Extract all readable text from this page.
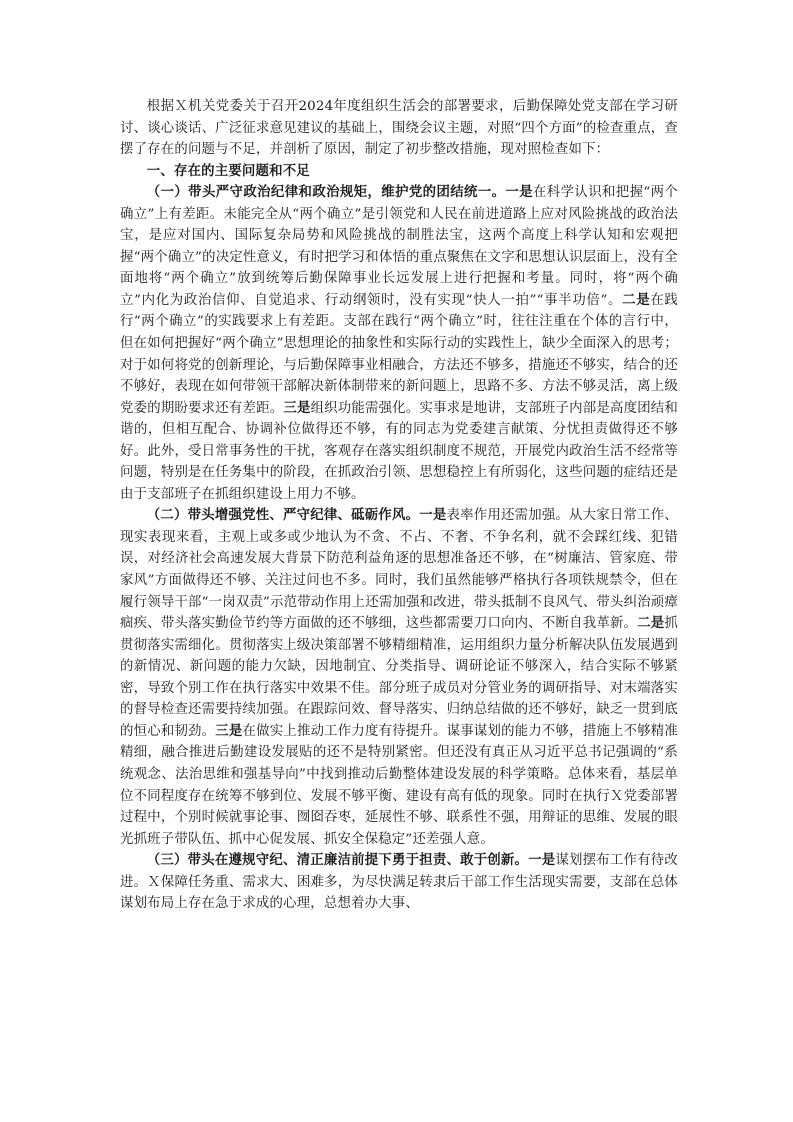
根据Ｘ机关党委关于召开2024年度组织生活会的部署要求，后勤保障处党支部在学习研讨、谈心谈话、广泛征求意见建议的基础上，围绕会议主题，对照“四个方面”的检查重点，查摆了存在的问题与不足，并剖析了原因，制定了初步整改措施，现对照检查如下：

一、存在的主要问题和不足

（一）带头严守政治纪律和政治规矩，维护党的团结统一。一是在科学认识和把握“两个确立”上有差距。未能完全从“两个确立”是引领党和人民在前进道路上应对风险挑战的政治法宝，是应对国内、国际复杂局势和风险挑战的制胜法宝，这两个高度上科学认知和宏观把握“两个确立”的决定性意义，有时把学习和体悟的重点聚焦在文字和思想认识层面上，没有全面地将“两个确立”放到统筹后勤保障事业长远发展上进行把握和考量。同时，将“两个确立”内化为政治信仰、自觉追求、行动纲领时，没有实现“快人一拍”“事半功倍”。二是在践行“两个确立”的实践要求上有差距。支部在践行“两个确立”时，往往注重在个体的言行中，但在如何把握好“两个确立”思想理论的抽象性和实际行动的实践性上，缺少全面深入的思考；对于如何将党的创新理论，与后勤保障事业相融合，方法还不够多，措施还不够实，结合的还不够好，表现在如何带领干部解决新体制带来的新问题上，思路不多、方法不够灵活，离上级党委的期盼要求还有差距。三是组织功能需强化。实事求是地讲，支部班子内部是高度团结和谐的，但相互配合、协调补位做得还不够，有的同志为党委建言献策、分忧担责做得还不够好。此外，受日常事务性的干扰，客观存在落实组织制度不规范，开展党内政治生活不经常等问题，特别是在任务集中的阶段，在抓政治引领、思想稳控上有所弱化，这些问题的症结还是由于支部班子在抓组织建设上用力不够。

（二）带头增强党性、严守纪律、砥砺作风。一是表率作用还需加强。从大家日常工作、现实表现来看，主观上或多或少地认为不贪、不占、不奢、不争名利，就不会踩红线、犯错误，对经济社会高速发展大背景下防范利益角逐的思想准备还不够，在“树廉洁、管家庭、带家风”方面做得还不够、关注过问也不多。同时，我们虽然能够严格执行各项铁规禁令，但在履行领导干部“一岗双责”示范带动作用上还需加强和改进，带头抵制不良风气、带头纠治顽瘴痼疾、带头落实勤俭节约等方面做的还不够细，这些都需要刀口向内、不断自我革新。二是抓贯彻落实需细化。贯彻落实上级决策部署不够精细精准，运用组织力量分析解决队伍发展遇到的新情况、新问题的能力欠缺，因地制宜、分类指导、调研论证不够深入，结合实际不够紧密，导致个别工作在执行落实中效果不佳。部分班子成员对分管业务的调研指导、对末端落实的督导检查还需要持续加强。在跟踪问效、督导落实、归纳总结做的还不够好，缺乏一贯到底的恒心和韧劲。三是在做实上推动工作力度有待提升。谋事谋划的能力不够，措施上不够精准精细，融合推进后勤建设发展贴的还不是特别紧密。但还没有真正从习近平总书记强调的“系统观念、法治思维和强基导向”中找到推动后勤整体建设发展的科学策略。总体来看，基层单位不同程度存在统筹不够到位、发展不够平衡、建设有高有低的现象。同时在执行Ｘ党委部署过程中，个别时候就事论事、囫囵吞枣，延展性不够、联系性不强，用辩证的思维、发展的眼光抓班子带队伍、抓中心促发展、抓安全保稳定”还差强人意。

（三）带头在遵规守纪、清正廉洁前提下勇于担责、敢于创新。一是谋划摆布工作有待改进。Ｘ保障任务重、需求大、困难多，为尽快满足转隶后干部工作生活现实需要，支部在总体谋划布局上存在急于求成的心理，总想着办大事、
